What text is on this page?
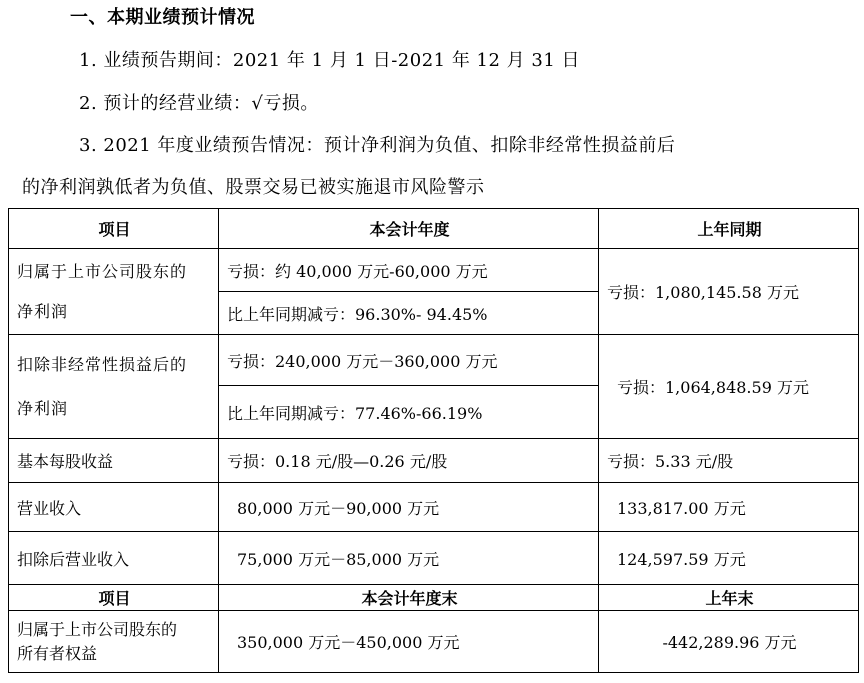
一、本期业绩预计情况
1. 业绩预告期间：2021 年 1 月 1 日-2021 年 12 月 31 日
2. 预计的经营业绩：√亏损。
3. 2021 年度业绩预告情况：预计净利润为负值、扣除非经常性损益前后
的净利润孰低者为负值、股票交易已被实施退市风险警示
项目	本会计年度	上年同期

归属于上市公司股东的
净利润	亏损：约 40,000 万元-60,000 万元	亏损：1,080,145.58 万元
	比上年同期减亏：96.30%- 94.45%	

扣除非经常性损益后的
净利润	亏损：240,000 万元－360,000 万元	亏损：1,064,848.59 万元
	比上年同期减亏：77.46%-66.19%	
基本每股收益	亏损：0.18 元/股—0.26 元/股	亏损：5.33 元/股
营业收入	80,000 万元－90,000 万元	133,817.00 万元
扣除后营业收入	75,000 万元－85,000 万元	124,597.59 万元
项目	本会计年度末	上年末

归属于上市公司股东的
所有者权益	350,000 万元－450,000 万元	-442,289.96 万元
